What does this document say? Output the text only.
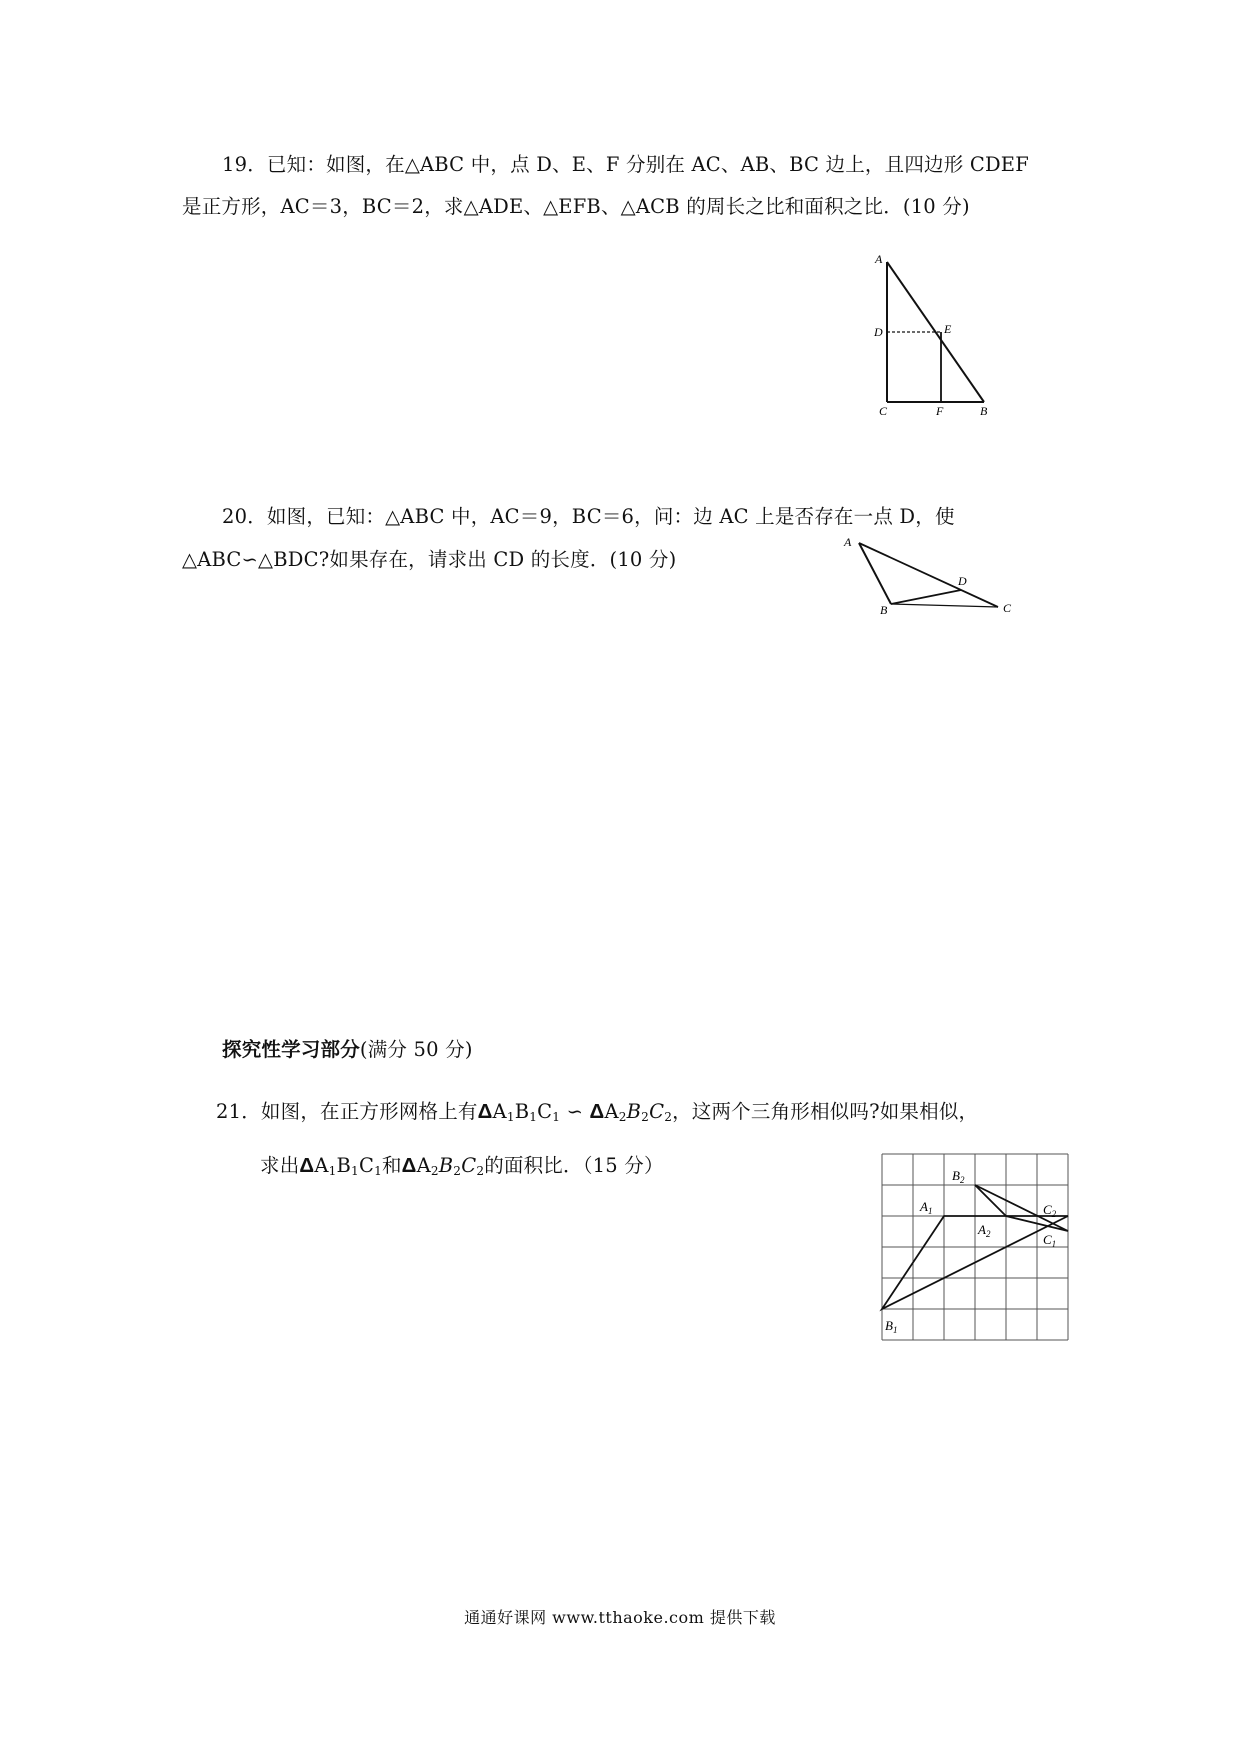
19．已知：如图，在△ABC 中，点 D、E、F 分别在 AC、AB、BC 边上，且四边形 CDEF
是正方形，AC＝3，BC＝2，求△ADE、△EFB、△ACB 的周长之比和面积之比．(10 分)
A
D	E
C	F	B
20．如图，已知：△ABC 中，AC＝9，BC＝6，问：边 AC 上是否存在一点 D，使
△ABC∽△BDC?如果存在，请求出 CD 的长度．(10 分)
A
D
B	C
探究性学习部分(满分 50 分)
21．如图，在正方形网格上有$\Delta A_1B_1C_1$ ∽ $\Delta A_2B_2C_2$，这两个三角形相似吗?如果相似，
求出$\Delta A_1B_1C_1$和$\Delta A_2B_2C_2$的面积比．（15 分）	$B_2$
$C_2$
$A_2$
$A_1$
$C_1$
$B_1$
通通好课网 www.tthaoke.com 提供下载
